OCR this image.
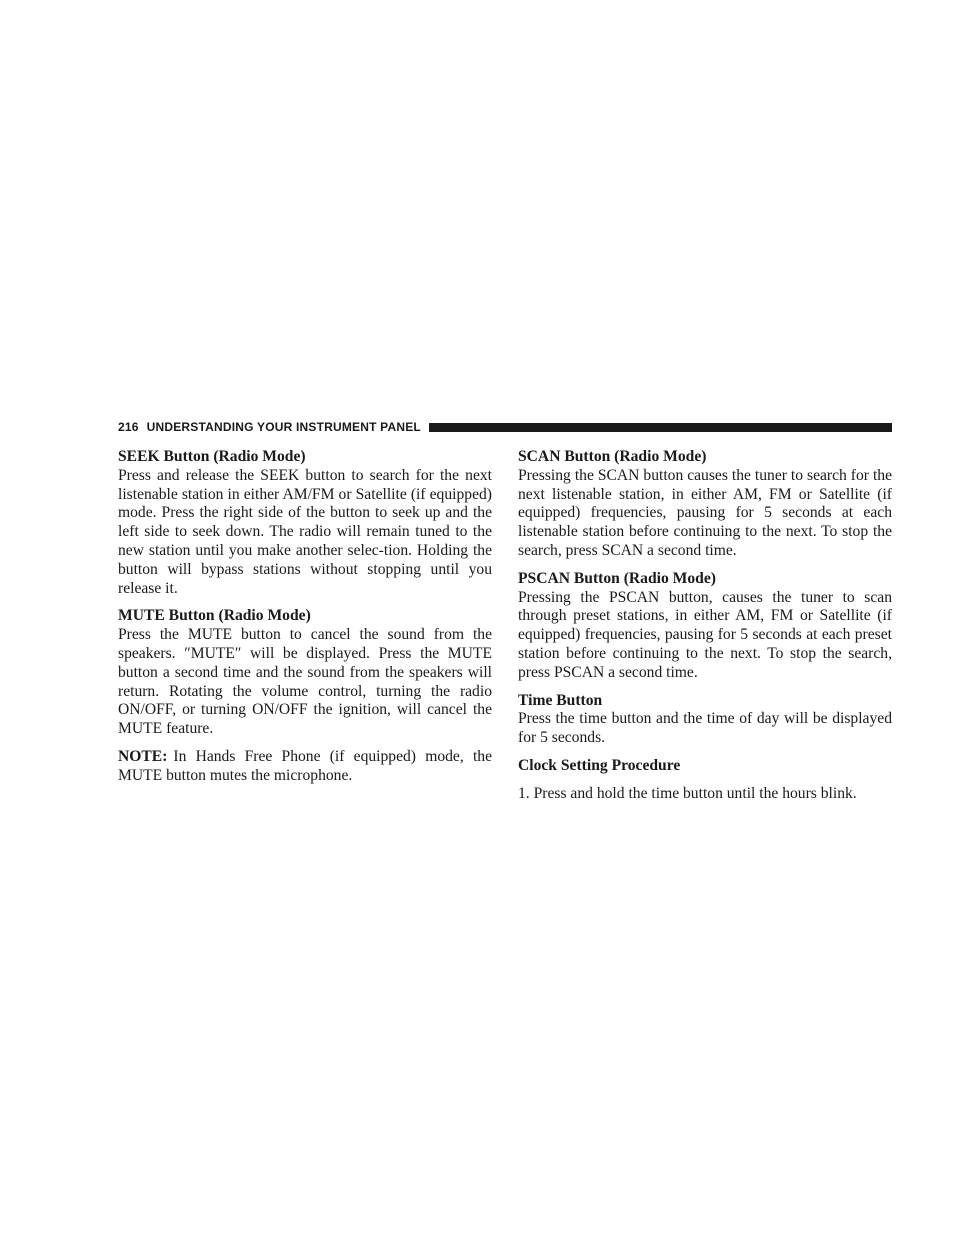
216 UNDERSTANDING YOUR INSTRUMENT PANEL

SEEK Button (Radio Mode)

Press and release the SEEK button to search for the next listenable station in either AM/FM or Satellite (if equipped) mode. Press the right side of the button to seek up and the left side to seek down. The radio will remain tuned to the new station until you make another selec-tion. Holding the button will bypass stations without stopping until you release it.

MUTE Button (Radio Mode)

Press the MUTE button to cancel the sound from the speakers. ″MUTE″ will be displayed. Press the MUTE button a second time and the sound from the speakers will return. Rotating the volume control, turning the radio ON/OFF, or turning ON/OFF the ignition, will cancel the MUTE feature.

NOTE: In Hands Free Phone (if equipped) mode, the MUTE button mutes the microphone.

SCAN Button (Radio Mode)

Pressing the SCAN button causes the tuner to search for the next listenable station, in either AM, FM or Satellite (if equipped) frequencies, pausing for 5 seconds at each listenable station before continuing to the next. To stop the search, press SCAN a second time.

PSCAN Button (Radio Mode)

Pressing the PSCAN button, causes the tuner to scan through preset stations, in either AM, FM or Satellite (if equipped) frequencies, pausing for 5 seconds at each preset station before continuing to the next. To stop the search, press PSCAN a second time.

Time Button

Press the time button and the time of day will be displayed for 5 seconds.

Clock Setting Procedure

1. Press and hold the time button until the hours blink.
